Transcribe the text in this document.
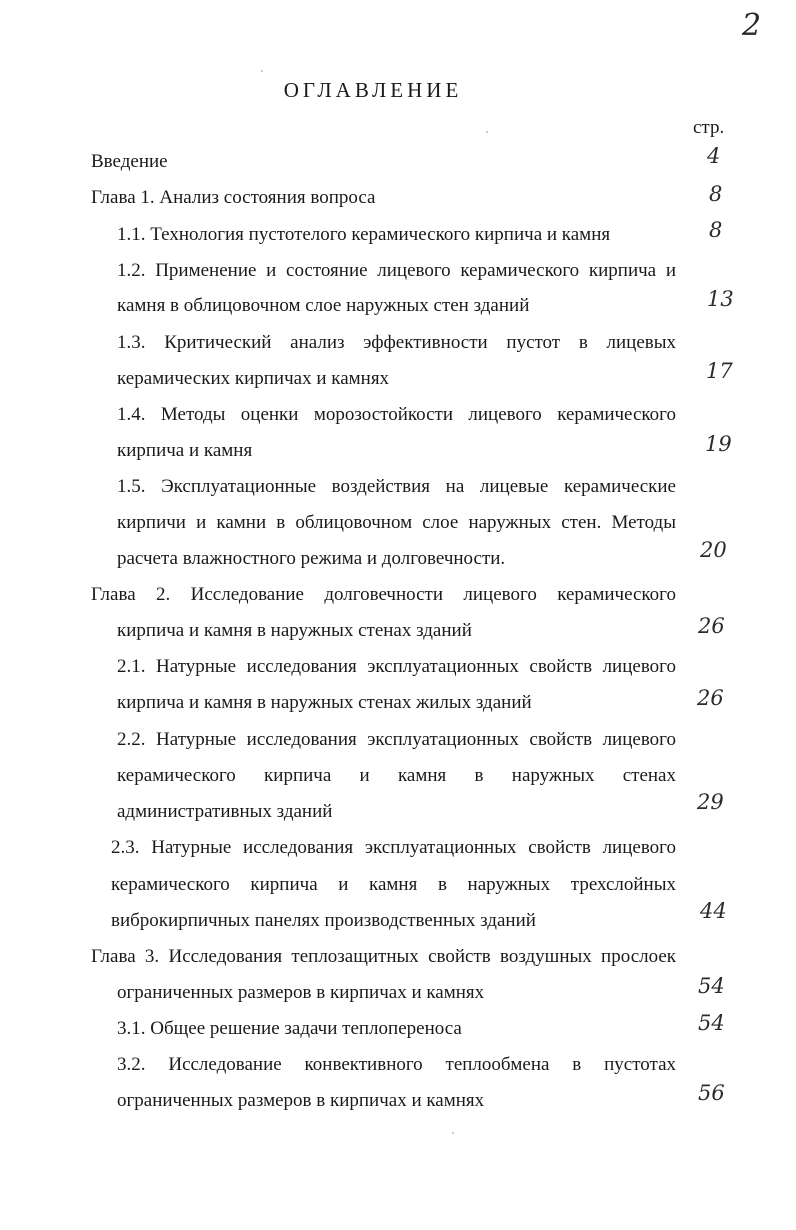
2
ОГЛАВЛЕНИЕ
стр.
Введение	4
Глава 1. Анализ состояния вопроса	8
1.1. Технология пустотелого керамического кирпича и камня	8
1.2. Применение и состояние лицевого керамического кирпича и
камня в облицовочном слое наружных стен зданий	13
1.3. Критический анализ эффективности пустот в лицевых
керамических кирпичах и камнях	17
1.4. Методы оценки морозостойкости лицевого керамического
кирпича и камня	19
1.5. Эксплуатационные воздействия на лицевые керамические
кирпичи и камни в облицовочном слое наружных стен. Методы
расчета влажностного режима и долговечности.	20
Глава 2. Исследование долговечности лицевого керамического
кирпича и камня в наружных стенах зданий	26
2.1. Натурные исследования эксплуатационных свойств лицевого
кирпича и камня в наружных стенах жилых зданий	26
2.2. Натурные исследования эксплуатационных свойств лицевого
керамического кирпича и камня в наружных стенах
административных зданий	29
2.3. Натурные исследования эксплуатационных свойств лицевого
керамического кирпича и камня в наружных трехслойных
виброкирпичных панелях производственных зданий	44
Глава 3. Исследования теплозащитных свойств воздушных прослоек
ограниченных размеров в кирпичах и камнях	54
3.1. Общее решение задачи теплопереноса	54
3.2. Исследование конвективного теплообмена в пустотах
ограниченных размеров в кирпичах и камнях	56
